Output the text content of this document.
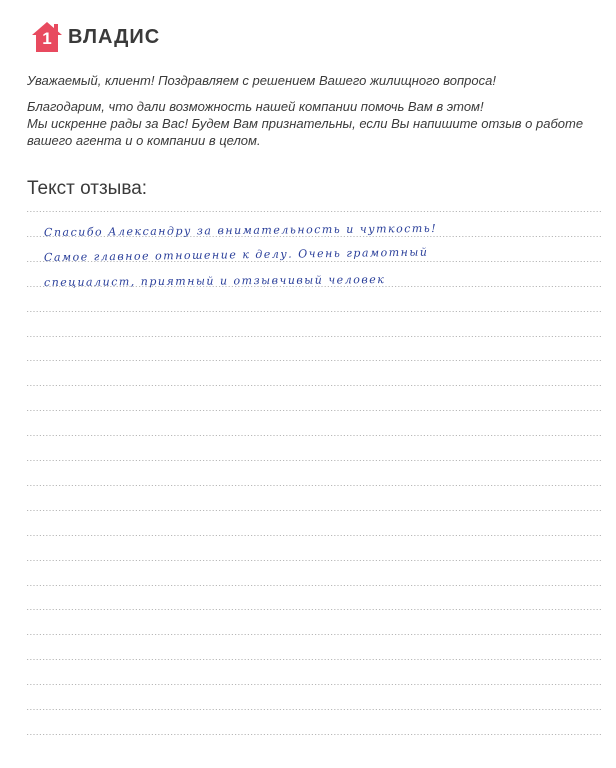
1 ВЛАДИС

Уважаемый, клиент! Поздравляем с решением Вашего жилищного вопроса!

Благодарим, что дали возможность нашей компании помочь Вам в этом!
Мы искренне рады за Вас! Будем Вам признательны, если Вы напишите отзыв о работе
вашего агента и о компании в целом.

Текст отзыва:
Спасибо Александру за внимательность и чуткость!
Самое главное отношение к делу. Очень грамотный
специалист, приятный и отзывчивый человек
